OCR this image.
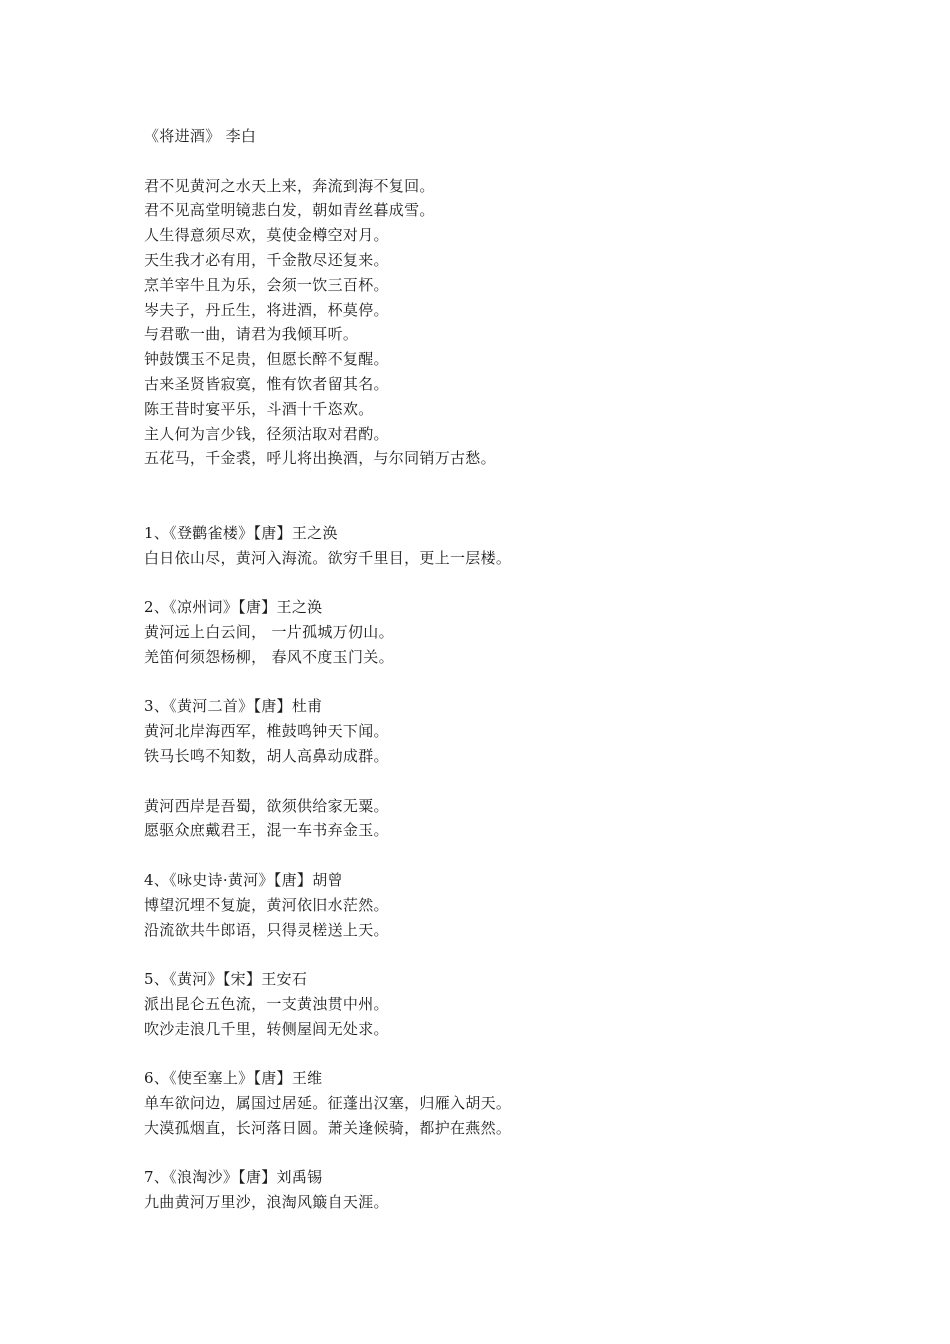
《将进酒》 李白
君不见黄河之水天上来，奔流到海不复回。
君不见高堂明镜悲白发，朝如青丝暮成雪。
人生得意须尽欢，莫使金樽空对月。
天生我才必有用，千金散尽还复来。
烹羊宰牛且为乐，会须一饮三百杯。
岑夫子，丹丘生，将进酒，杯莫停。
与君歌一曲，请君为我倾耳听。
钟鼓馔玉不足贵，但愿长醉不复醒。
古来圣贤皆寂寞，惟有饮者留其名。
陈王昔时宴平乐，斗酒十千恣欢。
主人何为言少钱，径须沽取对君酌。
五花马，千金裘，呼儿将出换酒，与尔同销万古愁。
1、《登鹳雀楼》【唐】王之涣
白日依山尽，黄河入海流。欲穷千里目，更上一层楼。
2、《凉州词》【唐】王之涣
黄河远上白云间， 一片孤城万仞山。
羌笛何须怨杨柳， 春风不度玉门关。
3、《黄河二首》【唐】杜甫
黄河北岸海西军，椎鼓鸣钟天下闻。
铁马长鸣不知数，胡人高鼻动成群。
黄河西岸是吾蜀，欲须供给家无粟。
愿驱众庶戴君王，混一车书弃金玉。
4、《咏史诗·黄河》【唐】胡曾
博望沉埋不复旋，黄河依旧水茫然。
沿流欲共牛郎语，只得灵槎送上天。
5、《黄河》【宋】王安石
派出昆仑五色流，一支黄浊贯中州。
吹沙走浪几千里，转侧屋闾无处求。
6、《使至塞上》【唐】王维
单车欲问边，属国过居延。征蓬出汉塞，归雁入胡天。
大漠孤烟直，长河落日圆。萧关逢候骑，都护在燕然。
7、《浪淘沙》【唐】刘禹锡
九曲黄河万里沙，浪淘风簸自天涯。
